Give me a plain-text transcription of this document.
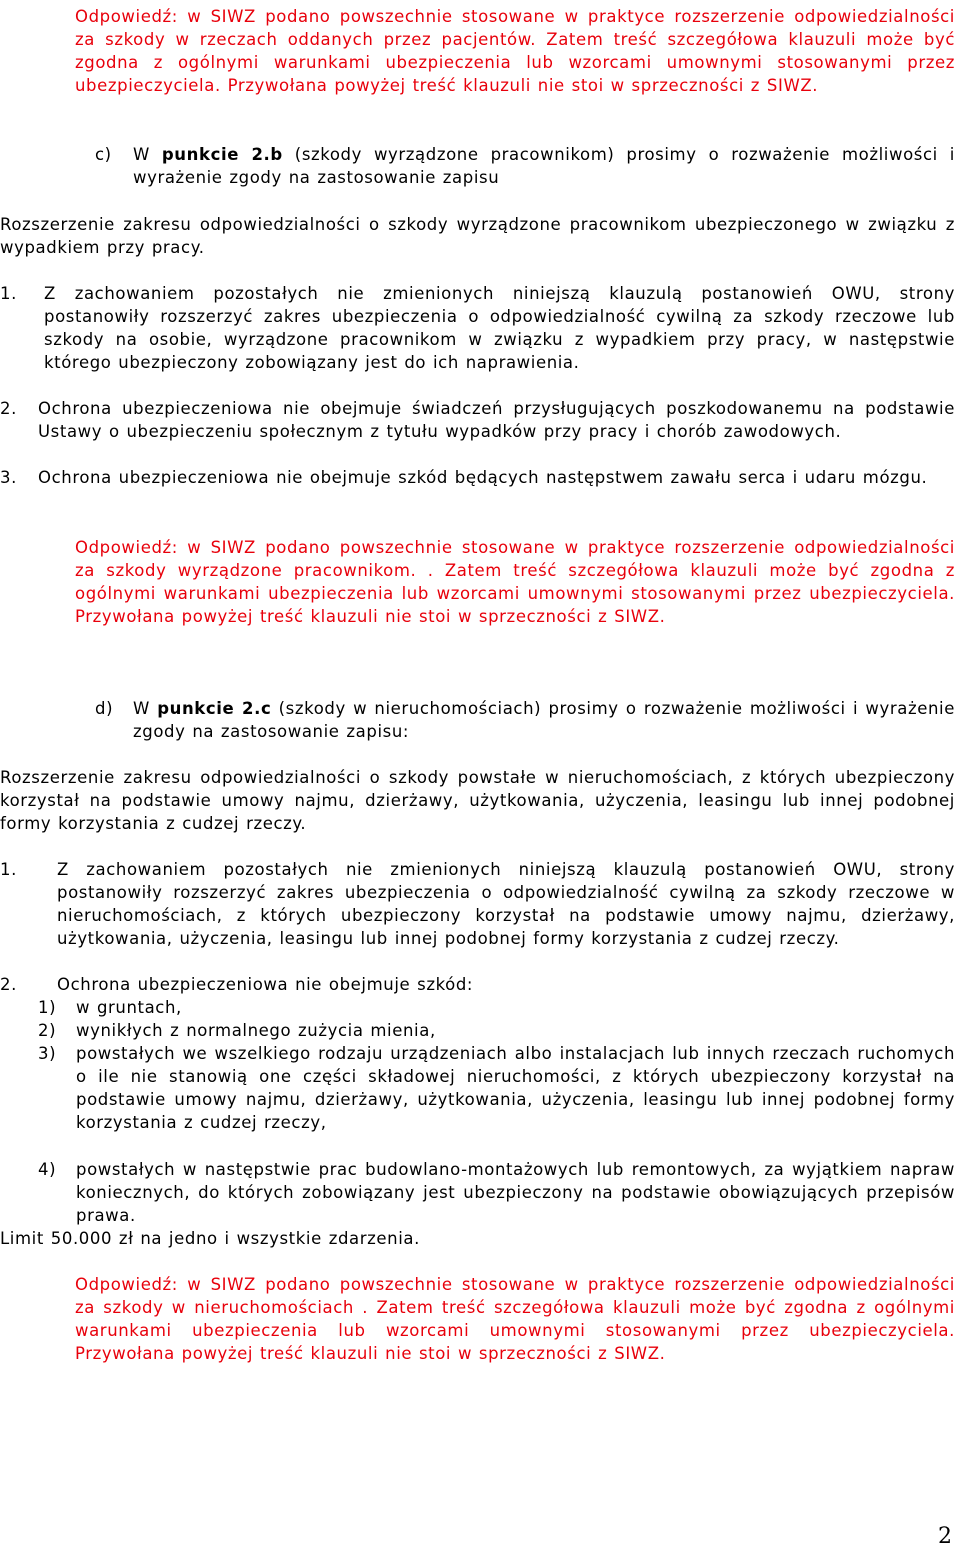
Odpowiedź: w SIWZ podano powszechnie stosowane w praktyce rozszerzenie odpowiedzialności za szkody w rzeczach oddanych przez pacjentów. Zatem treść szczegółowa klauzuli może być zgodna z ogólnymi warunkami ubezpieczenia lub wzorcami umownymi stosowanymi przez ubezpieczyciela. Przywołana powyżej treść klauzuli nie stoi w sprzeczności z SIWZ.

c)	W punkcie 2.b (szkody wyrządzone pracownikom) prosimy o rozważenie możliwości i wyrażenie zgody na zastosowanie zapisu

Rozszerzenie zakresu odpowiedzialności o szkody wyrządzone pracownikom ubezpieczonego w związku z wypadkiem przy pracy.

1.	Z zachowaniem pozostałych nie zmienionych niniejszą klauzulą postanowień OWU, strony postanowiły rozszerzyć zakres ubezpieczenia o odpowiedzialność cywilną za szkody rzeczowe lub szkody na osobie, wyrządzone pracownikom w związku z wypadkiem przy pracy, w następstwie którego ubezpieczony zobowiązany jest do ich naprawienia.

2.	Ochrona ubezpieczeniowa nie obejmuje świadczeń przysługujących poszkodowanemu na podstawie Ustawy o ubezpieczeniu społecznym z tytułu wypadków przy pracy i chorób zawodowych.

3.	Ochrona ubezpieczeniowa nie obejmuje szkód będących następstwem zawału serca i udaru mózgu.

Odpowiedź: w SIWZ podano powszechnie stosowane w praktyce rozszerzenie odpowiedzialności za szkody wyrządzone pracownikom. . Zatem treść szczegółowa klauzuli może być zgodna z ogólnymi warunkami ubezpieczenia lub wzorcami umownymi stosowanymi przez ubezpieczyciela. Przywołana powyżej treść klauzuli nie stoi w sprzeczności z SIWZ.

d)	W punkcie 2.c (szkody w nieruchomościach) prosimy o rozważenie możliwości i wyrażenie zgody na zastosowanie zapisu:

Rozszerzenie zakresu odpowiedzialności o szkody powstałe w nieruchomościach, z których ubezpieczony korzystał na podstawie umowy najmu, dzierżawy, użytkowania, użyczenia, leasingu lub innej podobnej formy korzystania z cudzej rzeczy.

1.	Z zachowaniem pozostałych nie zmienionych niniejszą klauzulą postanowień OWU, strony postanowiły rozszerzyć zakres ubezpieczenia o odpowiedzialność cywilną za szkody rzeczowe w nieruchomościach, z których ubezpieczony korzystał na podstawie umowy najmu, dzierżawy, użytkowania, użyczenia, leasingu lub innej podobnej formy korzystania z cudzej rzeczy.

2.	Ochrona ubezpieczeniowa nie obejmuje szkód:

1)	w gruntach,

2)	wynikłych z normalnego zużycia mienia,

3)	powstałych we wszelkiego rodzaju urządzeniach albo instalacjach lub innych rzeczach ruchomych o ile nie stanowią one części składowej nieruchomości, z których ubezpieczony korzystał na podstawie umowy najmu, dzierżawy, użytkowania, użyczenia, leasingu lub innej podobnej formy korzystania z cudzej rzeczy,

4)	powstałych w następstwie prac budowlano-montażowych lub remontowych, za wyjątkiem napraw koniecznych, do których zobowiązany jest ubezpieczony na podstawie obowiązujących przepisów prawa.

Limit 50.000 zł na jedno i wszystkie zdarzenia.

Odpowiedź: w SIWZ podano powszechnie stosowane w praktyce rozszerzenie odpowiedzialności za szkody w nieruchomościach . Zatem treść szczegółowa klauzuli może być zgodna z ogólnymi warunkami ubezpieczenia lub wzorcami umownymi stosowanymi przez ubezpieczyciela. Przywołana powyżej treść klauzuli nie stoi w sprzeczności z SIWZ.

2
